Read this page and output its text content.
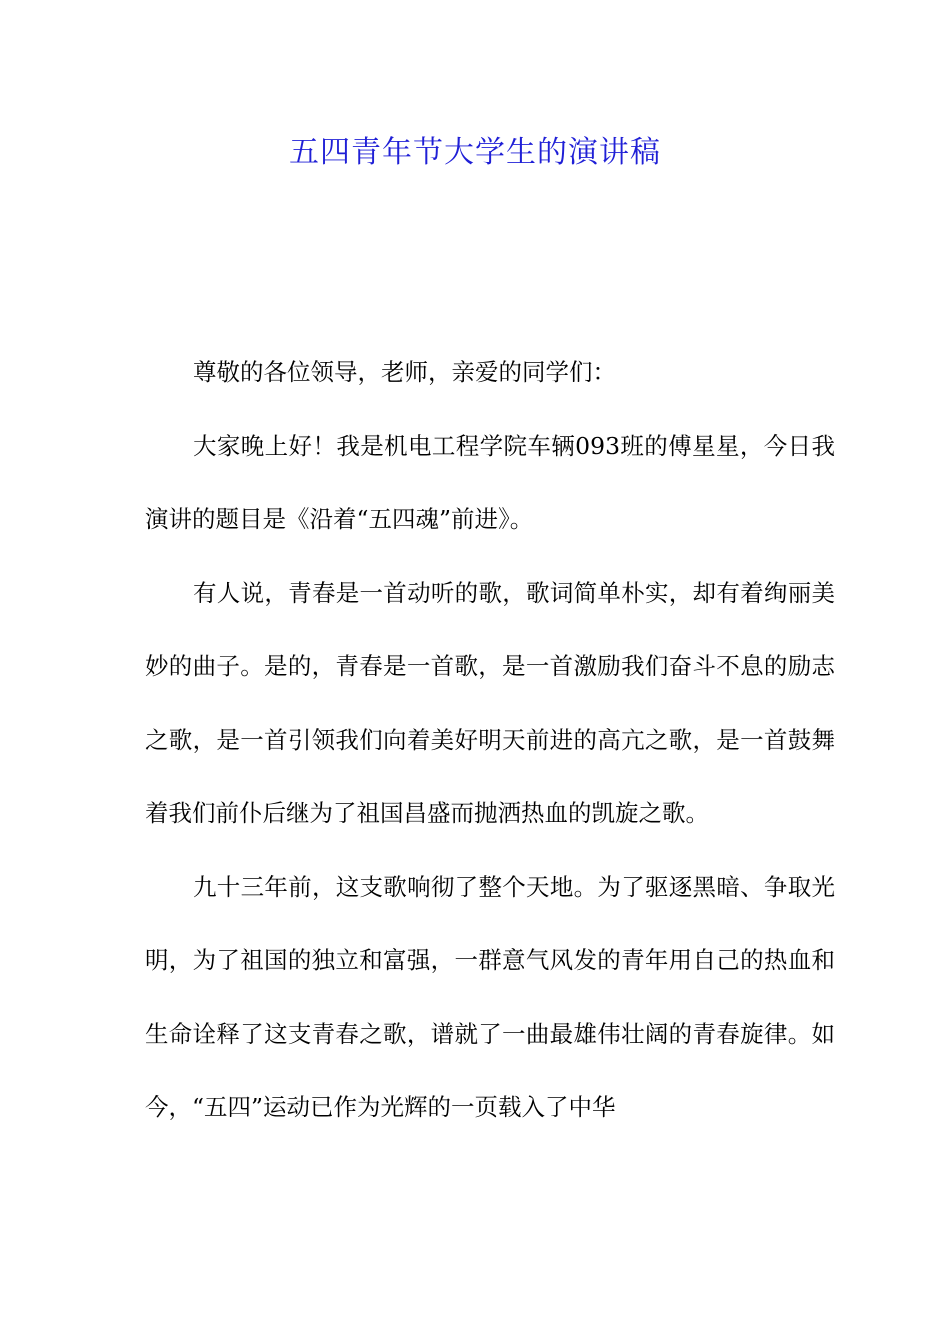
五四青年节大学生的演讲稿

尊敬的各位领导，老师，亲爱的同学们：

大家晚上好！我是机电工程学院车辆093班的傅星星，今日我演讲的题目是《沿着“五四魂”前进》。

有人说，青春是一首动听的歌，歌词简单朴实，却有着绚丽美妙的曲子。是的，青春是一首歌，是一首激励我们奋斗不息的励志之歌，是一首引领我们向着美好明天前进的高亢之歌，是一首鼓舞着我们前仆后继为了祖国昌盛而抛洒热血的凯旋之歌。

九十三年前，这支歌响彻了整个天地。为了驱逐黑暗、争取光明，为了祖国的独立和富强，一群意气风发的青年用自己的热血和生命诠释了这支青春之歌，谱就了一曲最雄伟壮阔的青春旋律。如今，“五四”运动已作为光辉的一页载入了中华
